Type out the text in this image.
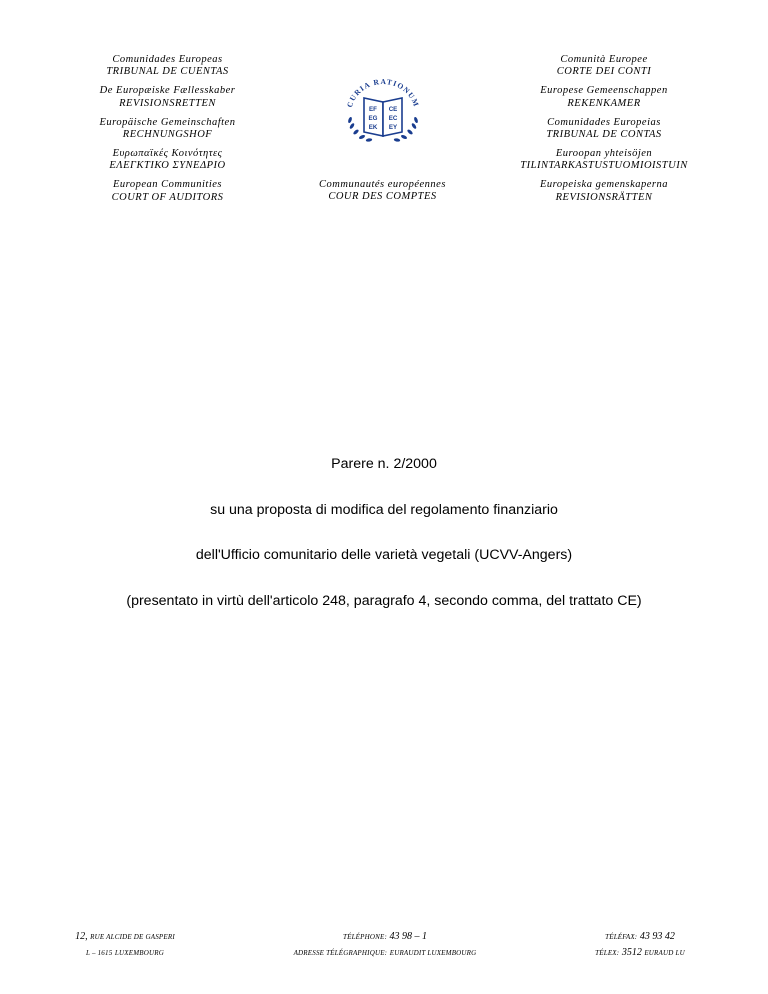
Comunidades Europeas
TRIBUNAL DE CUENTAS
De Europæiske Fællesskaber
REVISIONSRETTEN
Europäische Gemeinschaften
RECHNUNGSHOF
Ευρωπαϊκές Κοινότητες
ΕΛΕΓΚΤΙΚΟ ΣΥΝΕΔΡΙΟ
European Communities
COURT OF AUDITORS
Comunità Europee
CORTE DEI CONTI
Europese Gemeenschappen
REKENKAMER
Comunidades Europeias
TRIBUNAL DE CONTAS
Euroopan yhteisöjen
TILINTARKASTUSTUOMIOISTUIN
Europeiska gemenskaperna
REVISIONSRÄTTEN
Communautés européennes
COUR DES COMPTES
CURIA RATIONUM
EF
EG
EK
CE
EC
EY
Parere n. 2/2000
su una proposta di modifica del regolamento finanziario
dell'Ufficio comunitario delle varietà vegetali (UCVV-Angers)
(presentato in virtù dell'articolo 248, paragrafo 4, secondo comma, del trattato CE)
12, RUE ALCIDE DE GASPERI
L – 1615 LUXEMBOURG
TÉLÉPHONE: 43 98 – 1
ADRESSE TÉLÉGRAPHIQUE: EURAUDIT LUXEMBOURG
TÉLÉFAX: 43 93 42
TÉLEX: 3512 EURAUD LU
